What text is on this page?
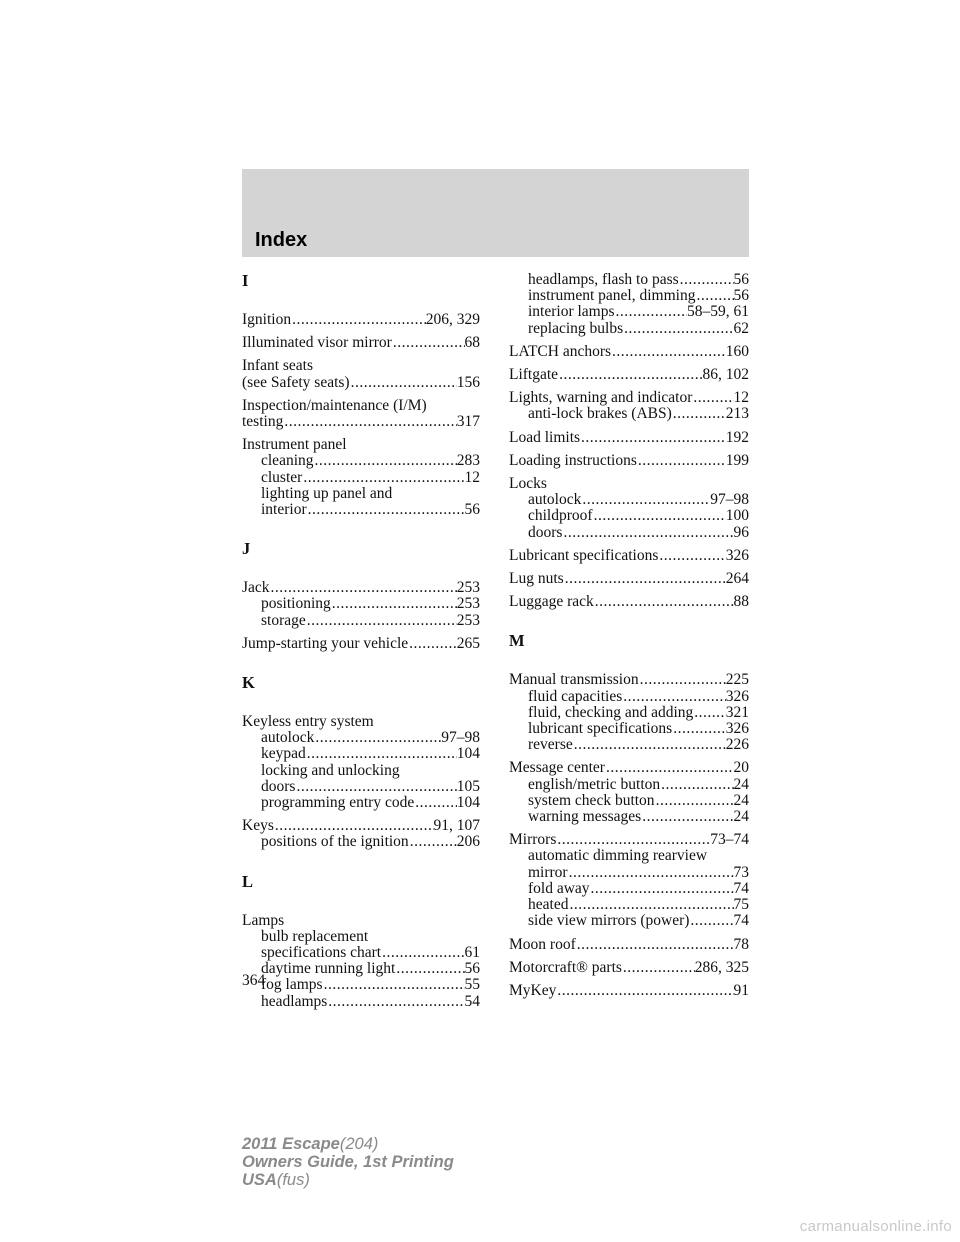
Index
I
Ignition .....	206, 329
Illuminated visor mirror .....	68
Infant seats
(see Safety seats) .....	156
Inspection/maintenance (I/M)
testing .....	317
Instrument panel
cleaning .....	283
cluster .....	12
lighting up panel and
interior .....	56
J
Jack .....	253
positioning .....	253
storage .....	253
Jump-starting your vehicle .....	265
K
Keyless entry system
autolock .....	97–98
keypad .....	104
locking and unlocking
doors .....	105
programming entry code .....	104
Keys .....	91, 107
positions of the ignition .....	206
L
Lamps
bulb replacement
specifications chart .....	61
daytime running light .....	56
fog lamps .....	55
headlamps .....	54
headlamps, flash to pass .....	56
instrument panel, dimming ..... 56
interior lamps .....	58–59, 61
replacing bulbs .....	62
LATCH anchors .....	160
Liftgate .....	86, 102
Lights, warning and indicator .....	12
anti-lock brakes (ABS) .....	213
Load limits .....	192
Loading instructions .....	199
Locks
autolock .....	97–98
childproof .....	100
doors .....	96
Lubricant specifications .....	326
Lug nuts .....	264
Luggage rack .....	88
M
Manual transmission .....	225
fluid capacities .....	326
fluid, checking and adding ..... 321
lubricant specifications .....	326
reverse .....	226
Message center .....	20
english/metric button .....	24
system check button .....	24
warning messages .....	24
Mirrors .....	73–74
automatic dimming rearview
mirror .....	73
fold away .....	74
heated .....	75
side view mirrors (power) .....	74
Moon roof .....	78
Motorcraft® parts .....	286, 325
MyKey .....	91
364
2011 Escape(204)
Owners Guide, 1st Printing
USA(fus)
carmanualsonline.info
